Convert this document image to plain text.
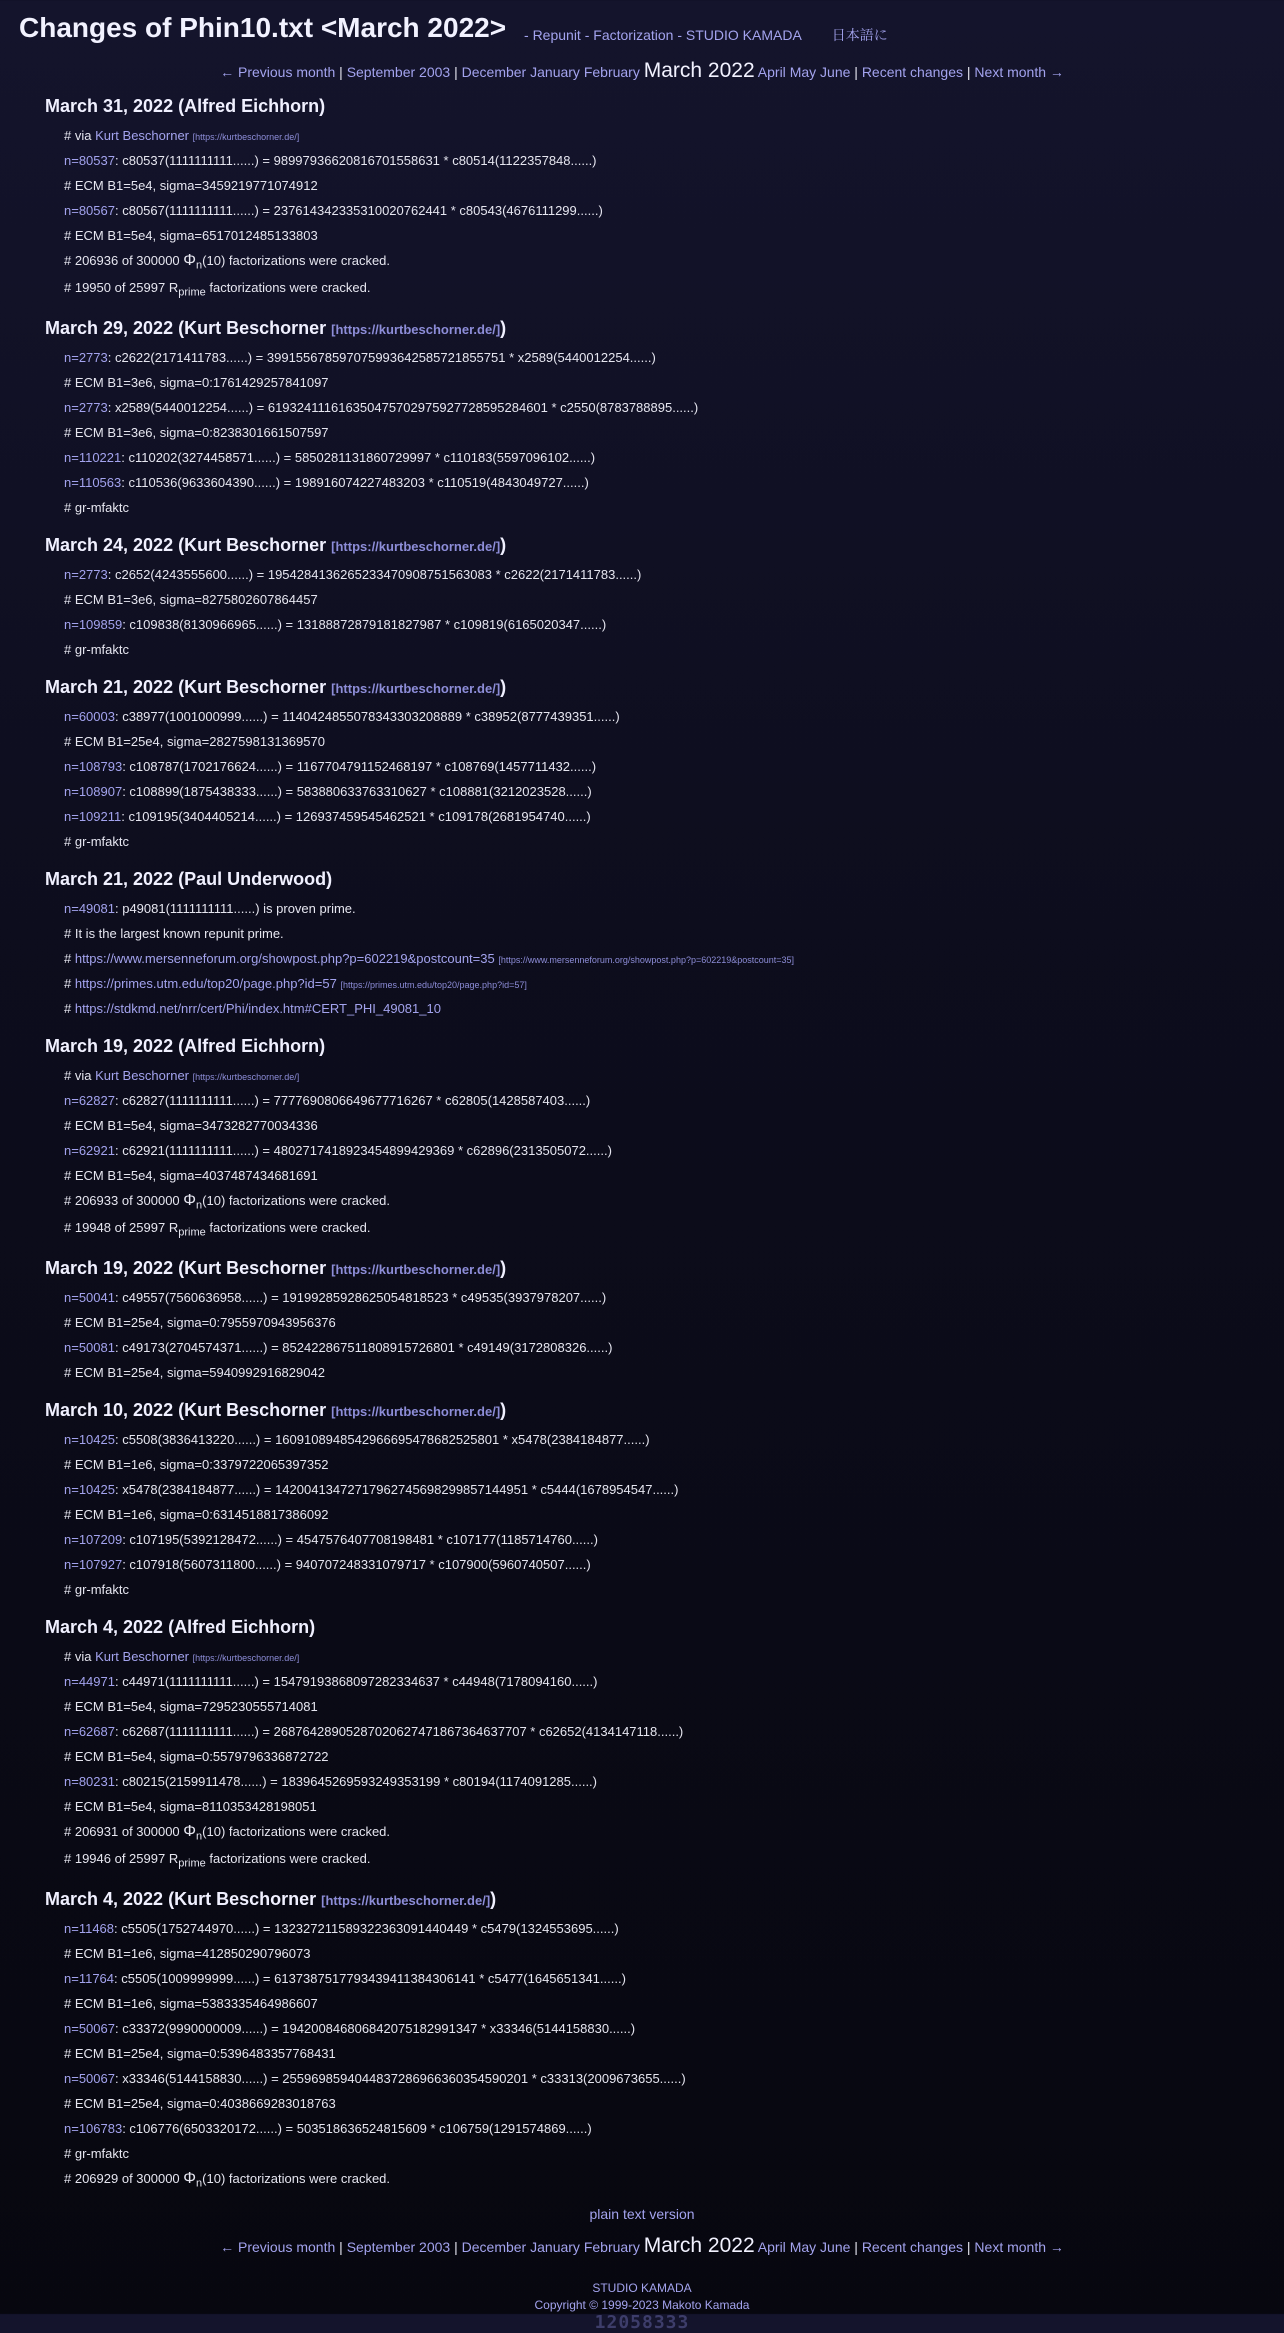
Changes of Phin10.txt <March 2022> - Repunit - Factorization - STUDIO KAMADA 日本語に
← Previous month | September 2003 | December January February March 2022 April May June | Recent changes | Next month →
March 31, 2022 (Alfred Eichhorn)
# via Kurt Beschorner [https://kurtbeschorner.de/]
n=80537: c80537(1111111111......) = 989979366208167015586​31 * c80514(1122357848......)
# ECM B1=5e4, sigma=3459219771074912
n=80567: c80567(1111111111......) = 2376143423353100207624​41 * c80543(4676111299......)
# ECM B1=5e4, sigma=6517012485133803
# 206936 of 300000 $\Phi_n(10)$ factorizations were cracked.
# 19950 of 25997 $R_{prime}$ factorizations were cracked.
March 29, 2022 (Kurt Beschorner [https://kurtbeschorner.de/])
n=2773: c2622(2171411783......) = 399155678597075993642585721855751 * x2589(5440012254......)
# ECM B1=3e6, sigma=0:1761429257841097
n=2773: x2589(5440012254......) = 619324111616350475702975927728595284601 * c2550(8783788895......)
# ECM B1=3e6, sigma=0:8238301661507597
n=110221: c110202(3274458571......) = 585028113186072​9997 * c110183(5597096102......)
n=110563: c110536(9633604390......) = 198916074227483203 * c110519(4843049727......)
# gr-mfaktc
March 24, 2022 (Kurt Beschorner [https://kurtbeschorner.de/])
n=2773: c2652(4243555600......) = 19542841362652334709087515630​83 * c2622(2171411783......)
# ECM B1=3e6, sigma=8275802607864457
n=109859: c109838(8130966965......) = 13188872879181827987 * c109819(6165020347......)
# gr-mfaktc
March 21, 2022 (Kurt Beschorner [https://kurtbeschorner.de/])
n=60003: c38977(1001000999......) = 114042485507834330320​8889 * c38952(8777439351......)
# ECM B1=25e4, sigma=2827598131369570
n=108793: c108787(1702176624......) = 1167704791152468197 * c108769(1457711432......)
n=108907: c108899(1875438333......) = 583880633763310627 * c108881(3212023528......)
n=109211: c109195(3404405214......) = 126937459545462521 * c109178(2681954740......)
# gr-mfaktc
March 21, 2022 (Paul Underwood)
n=49081: p49081(1111111111......) is proven prime.
# It is the largest known repunit prime.
# https://www.mersenneforum.org/showpost.php?p=602219&postcount=35 [https://www.mersenneforum.org/showpost.php?p=602219&postcount=35]
# https://primes.utm.edu/top20/page.php?id=57 [https://primes.utm.edu/top20/page.php?id=57]
# https://stdkmd.net/nrr/cert/Phi/index.htm#CERT_PHI_49081_10
March 19, 2022 (Alfred Eichhorn)
# via Kurt Beschorner [https://kurtbeschorner.de/]
n=62827: c62827(1111111111......) = 7777690806649677716267 * c62805(1428587403......)
# ECM B1=5e4, sigma=3473282770034336
n=62921: c62921(1111111111......) = 48027174189234548994293​69 * c62896(2313505072......)
# ECM B1=5e4, sigma=4037487434681691
# 206933 of 300000 $\Phi_n(10)$ factorizations were cracked.
# 19948 of 25997 $R_{prime}$ factorizations were cracked.
March 19, 2022 (Kurt Beschorner [https://kurtbeschorner.de/])
n=50041: c49557(7560636958......) = 1919928592862505481852​3 * c49535(3937978207......)
# ECM B1=25e4, sigma=0:7955970943956376
n=50081: c49173(2704574371......) = 8524228675118089157268​01 * c49149(3172808326......)
# ECM B1=25e4, sigma=5940992916829042
March 10, 2022 (Kurt Beschorner [https://kurtbeschorner.de/])
n=10425: c5508(3836413220......) = 1609108948542966695478682525801 * x5478(2384184877......)
# ECM B1=1e6, sigma=0:3379722065397352
n=10425: x5478(2384184877......) = 14200413472717962745698299857144951 * c5444(1678954547......)
# ECM B1=1e6, sigma=0:6314518817386092
n=107209: c107195(5392128472......) = 454757640770819​8481 * c107177(1185714760......)
n=107927: c107918(5607311800......) = 940707248331079717 * c107900(5960740507......)
# gr-mfaktc
March 4, 2022 (Alfred Eichhorn)
# via Kurt Beschorner [https://kurtbeschorner.de/]
n=44971: c44971(1111111111......) = 1547919386809728233​4637 * c44948(7178094160......)
# ECM B1=5e4, sigma=7295230555714081
n=62687: c62687(1111111111......) = 268764289052870206274718673646377​07 * c62652(4134147118......)
# ECM B1=5e4, sigma=0:5579796336872722
n=80231: c80215(2159911478......) = 183964526959324935319​9 * c80194(1174091285......)
# ECM B1=5e4, sigma=8110353428198051
# 206931 of 300000 $\Phi_n(10)$ factorizations were cracked.
# 19946 of 25997 $R_{prime}$ factorizations were cracked.
March 4, 2022 (Kurt Beschorner [https://kurtbeschorner.de/])
n=11468: c5505(1752744970......) = 1323272115893223630914404​49 * c5479(1324553695......)
# ECM B1=1e6, sigma=4128502907960​73
n=11764: c5505(1009999999......) = 6137387517793439411384306141 * c5477(1645651341......)
# ECM B1=1e6, sigma=5383335464986607
n=50067: c33372(9990000009......) = 1942008468068420751829913​47 * x33346(5144158830......)
# ECM B1=25e4, sigma=0:5396483357768431
n=50067: x33346(5144158830......) = 2559698594044837286966360354590201 * c33313(2009673655......)
# ECM B1=25e4, sigma=0:4038669283018763
n=106783: c106776(6503320172......) = 503518636524815609 * c106759(1291574869......)
# gr-mfaktc
# 206929 of 300000 $\Phi_n(10)$ factorizations were cracked.
plain text version
← Previous month | September 2003 | December January February March 2022 April May June | Recent changes | Next month →
STUDIO KAMADA
Copyright © 1999-2023 Makoto Kamada
12058333
